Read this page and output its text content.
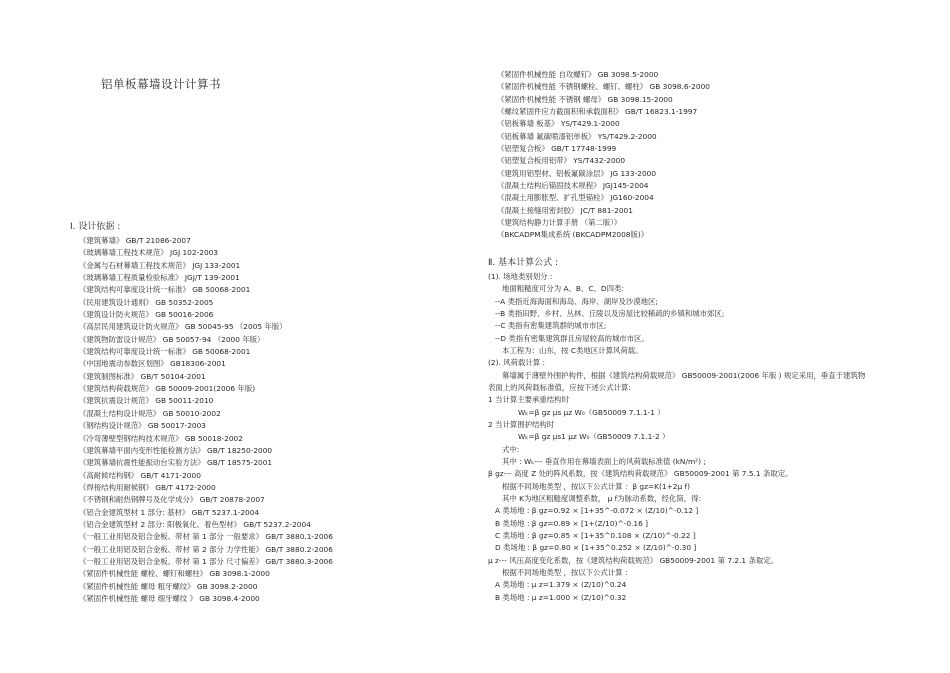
铝单板幕墙设计计算书
Ⅰ. 设计依据 :
《建筑幕墙》 GB/T 21086-2007
《玻璃幕墙工程技术规范》 JGJ 102-2003
《金属与石材幕墙工程技术规范》 JGJ 133-2001
《玻璃幕墙工程质量检验标准》 JGJ/T 139-2001
《建筑结构可靠度设计统一标准》 GB 50068-2001
《民用建筑设计通则》 GB 50352-2005
《建筑设计防火规范》 GB 50016-2006
《高层民用建筑设计防火规范》 GB 50045-95 （2005 年版）
《建筑物防雷设计规范》 GB 50057-94 （2000 年版）
《建筑结构可靠度设计统一标准》 GB 50068-2001
《中国地震动参数区划图》 GB18306-2001
《建筑制图标准》 GB/T 50104-2001
《建筑结构荷载规范》 GB 50009-2001(2006 年版)
《建筑抗震设计规范》 GB 50011-2010
《混凝土结构设计规范》 GB 50010-2002
《钢结构设计规范》 GB 50017-2003
《冷弯薄壁型钢结构技术规范》 GB 50018-2002
《建筑幕墙平面内变形性能检测方法》 GB/T 18250-2000
《建筑幕墙抗震性能振动台实验方法》 GB/T 18575-2001
《高耐候结构钢》 GB/T 4171-2000
《焊接结构用耐候钢》 GB/T 4172-2000
《不锈钢和耐热钢牌号及化学成分》 GB/T 20878-2007
《铝合金建筑型材 1 部分: 基材》 GB/T 5237.1-2004
《铝合金建筑型材 2 部分: 阳极氧化、着色型材》 GB/T 5237.2-2004
《一般工业用铝及铝合金板、带材 第 1 部分 一般要求》 GB/T 3880.1-2006
《一般工业用铝及铝合金板、带材 第 2 部分 力学性能》 GB/T 3880.2-2006
《一般工业用铝及铝合金板、带材 第 1 部分 尺寸偏差》 GB/T 3880.3-2006
《紧固件机械性能 螺栓、螺钉和螺柱》 GB 3098.1-2000
《紧固件机械性能 螺母 粗牙螺纹》 GB 3098.2-2000
《紧固件机械性能 螺母 细牙螺纹 》 GB 3098.4-2000
《紧固件机械性能 自攻螺钉》 GB 3098.5-2000
《紧固件机械性能 不锈钢螺栓、螺钉、螺柱》 GB 3098.6-2000
《紧固件机械性能 不锈钢 螺母》 GB 3098.15-2000
《螺纹紧固件应力截面积和承载面积》 GB/T 16823.1-1997
《铝板幕墙 板基》 YS/T429.1-2000
《铝板幕墙 氟碳喷漆铝单板》 YS/T429.2-2000
《铝塑复合板》 GB/T 17748-1999
《铝塑复合板用铝带》 YS/T432-2000
《建筑用铝型材、铝板氟碳涂层》 JG 133-2000
《混凝土结构后锚固技术规程》 JGJ145-2004
《混凝土用膨胀型、扩孔型锚栓》 JG160-2004
《混凝土接缝用密封胶》 JC/T 881-2001
《建筑结构静力计算手册 （第二版）》
《BKCADPM集成系统 (BKCADPM2008版)》
Ⅱ. 基本计算公式 :
(1). 场地类别划分 :
地面粗糙度可分为 A、B、C、D四类:
--A 类指近海海面和海岛、海岸、湖岸及沙漠地区;
--B 类指田野、乡村、丛林、丘陵以及房屋比较稀疏的乡镇和城市郊区;
--C 类指有密集建筑群的城市市区;
--D 类指有密集建筑群且房屋较高的城市市区。
本工程为：山东，按 C类地区计算风荷载。
(2). 风荷载计算 :
幕墙属于薄壁外围护构件，根据《建筑结构荷载规范》 GB50009-2001(2006 年版 ) 规定采用，垂直于建筑物
表面上的风荷载标准值，应按下述公式计算:
1 当计算主要承重结构时
Wₖ=β gz μs μz W₀（GB50009 7.1.1-1 ）
2 当计算围护结构时
Wₖ=β gz μs1 μz W₀（GB50009 7.1.1-2 ）
式中:
其中 : Wₖ--- 垂直作用在幕墙表面上的风荷载标准值 (kN/m²) ;
β gz--- 高度 Z 处的阵风系数，按《建筑结构荷载规范》 GB50009-2001 第 7.5.1 条取定。
根据不同场地类型 ，按以下公式计算 ：β gz=K(1+2μ f)
其中 K为地区粗糙度调整系数， μ f为脉动系数，经化简，得:
A 类场地 : β gz=0.92 × [1+35^-0.072 × (Z/10)^-0.12 ]
B 类场地 : β gz=0.89 × [1+(Z/10)^-0.16 ]
C 类场地 : β gz=0.85 × [1+35^0.108 × (Z/10)^-0.22 ]
D 类场地 : β gz=0.80 × [1+35^0.252 × (Z/10)^-0.30 ]
μ z--- 风压高度变化系数，按《建筑结构荷载规范》 GB50009-2001 第 7.2.1 条取定。
根据不同场地类型 ，按以下公式计算 :
A 类场地 : μ z=1.379 × (Z/10)^0.24
B 类场地 : μ z=1.000 × (Z/10)^0.32
